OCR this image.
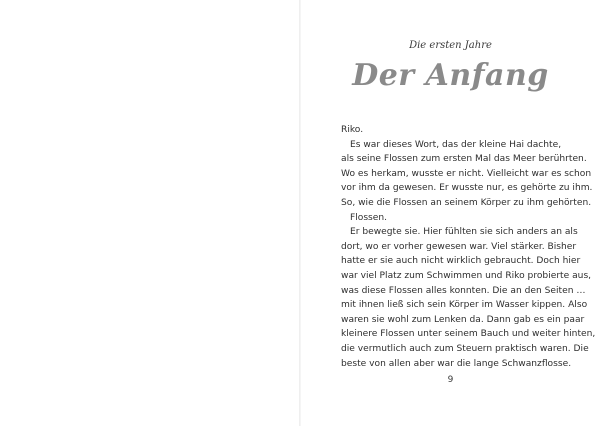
Die ersten Jahre
Der Anfang

Riko.

Es war dieses Wort, das der kleine Hai dachte,

als seine Flossen zum ersten Mal das Meer berührten.

Wo es herkam, wusste er nicht. Vielleicht war es schon

vor ihm da gewesen. Er wusste nur, es gehörte zu ihm.

So, wie die Flossen an seinem Körper zu ihm gehörten.

Flossen.

Er bewegte sie. Hier fühlten sie sich anders an als

dort, wo er vorher gewesen war. Viel stärker. Bisher

hatte er sie auch nicht wirklich gebraucht. Doch hier

war viel Platz zum Schwimmen und Riko probierte aus,

was diese Flossen alles konnten. Die an den Seiten …

mit ihnen ließ sich sein Körper im Wasser kippen. Also

waren sie wohl zum Lenken da. Dann gab es ein paar

kleinere Flossen unter seinem Bauch und weiter hinten,

die vermutlich auch zum Steuern praktisch waren. Die

beste von allen aber war die lange Schwanzflosse.

9
